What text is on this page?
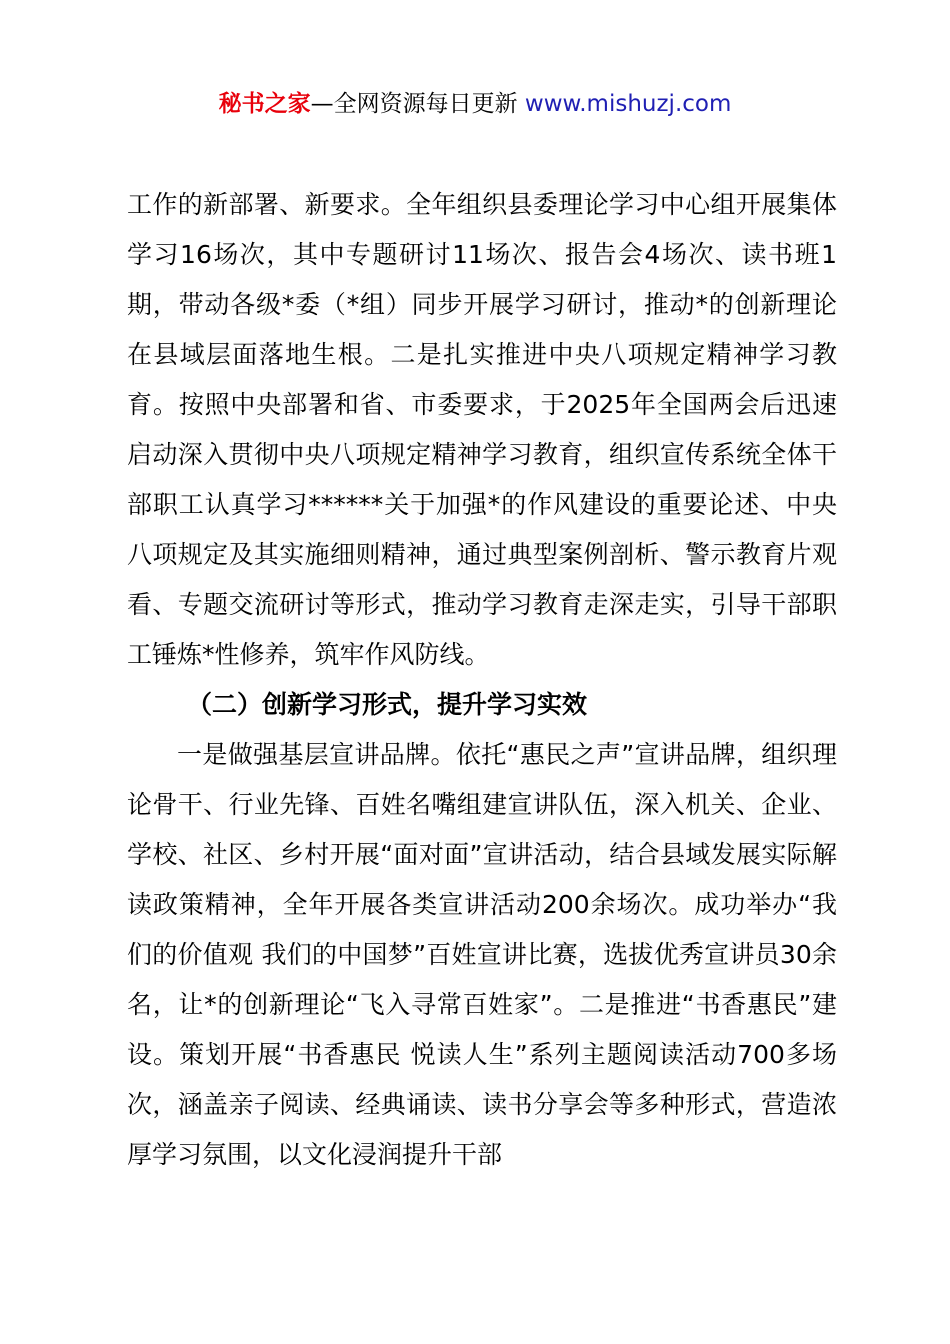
秘书之家—全网资源每日更新 www.mishuzj.com

工作的新部署、新要求。全年组织县委理论学习中心组开展集体学习16场次，其中专题研讨11场次、报告会4场次、读书班1期，带动各级*委（*组）同步开展学习研讨，推动*的创新理论在县域层面落地生根。二是扎实推进中央八项规定精神学习教育。按照中央部署和省、市委要求，于2025年全国两会后迅速启动深入贯彻中央八项规定精神学习教育，组织宣传系统全体干部职工认真学习******关于加强*的作风建设的重要论述、中央八项规定及其实施细则精神，通过典型案例剖析、警示教育片观看、专题交流研讨等形式，推动学习教育走深走实，引导干部职工锤炼*性修养，筑牢作风防线。

（二）创新学习形式，提升学习实效

一是做强基层宣讲品牌。依托“惠民之声”宣讲品牌，组织理论骨干、行业先锋、百姓名嘴组建宣讲队伍，深入机关、企业、学校、社区、乡村开展“面对面”宣讲活动，结合县域发展实际解读政策精神，全年开展各类宣讲活动200余场次。成功举办“我们的价值观 我们的中国梦”百姓宣讲比赛，选拔优秀宣讲员30余名，让*的创新理论“飞入寻常百姓家”。二是推进“书香惠民”建设。策划开展“书香惠民 悦读人生”系列主题阅读活动700多场次，涵盖亲子阅读、经典诵读、读书分享会等多种形式，营造浓厚学习氛围，以文化浸润提升干部
